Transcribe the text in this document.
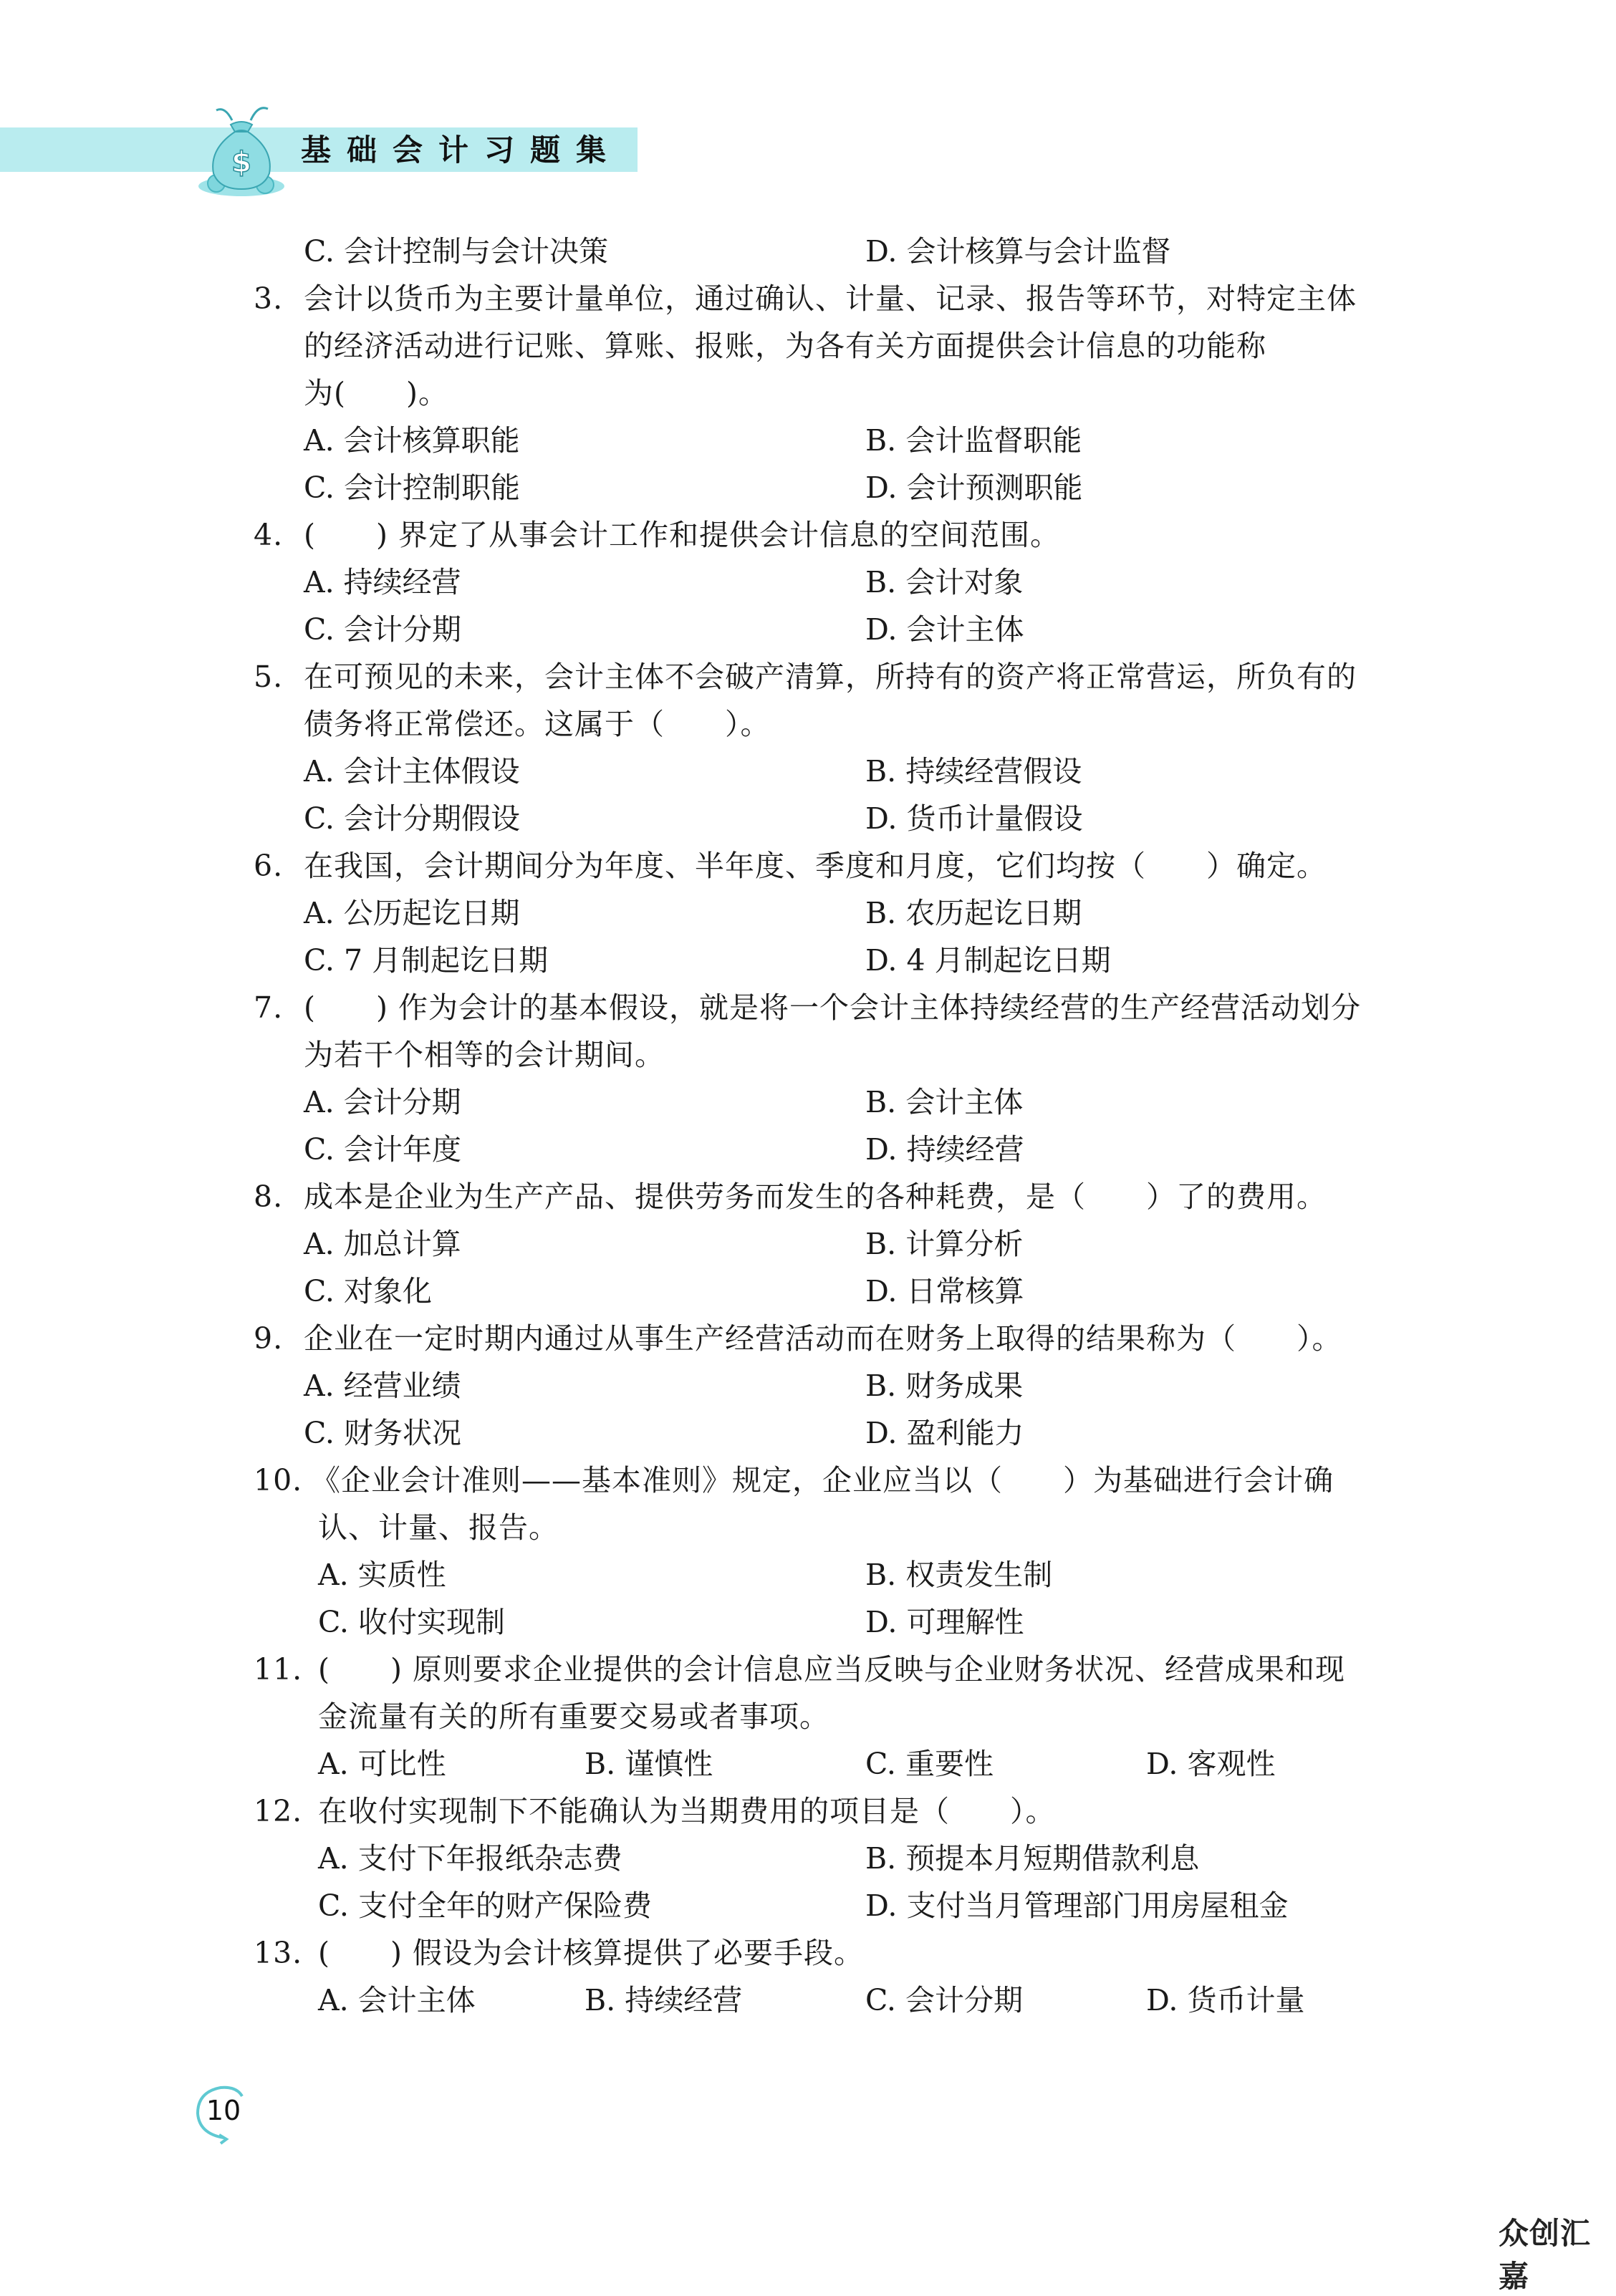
$ 基础会计习题集
C. 会计控制与会计决策	D. 会计核算与会计监督
3. 会计以货币为主要计量单位，通过确认、计量、记录、报告等环节，对特定主体
的经济活动进行记账、算账、报账，为各有关方面提供会计信息的功能称
为(　　)。
A. 会计核算职能	B. 会计监督职能
C. 会计控制职能	D. 会计预测职能
4. (　　) 界定了从事会计工作和提供会计信息的空间范围。
A. 持续经营	B. 会计对象
C. 会计分期	D. 会计主体
5. 在可预见的未来，会计主体不会破产清算，所持有的资产将正常营运，所负有的
债务将正常偿还。这属于（　　）。
A. 会计主体假设	B. 持续经营假设
C. 会计分期假设	D. 货币计量假设
6. 在我国，会计期间分为年度、半年度、季度和月度，它们均按（　　）确定。
A. 公历起讫日期	B. 农历起讫日期
C. 7 月制起讫日期	D. 4 月制起讫日期
7. (　　) 作为会计的基本假设，就是将一个会计主体持续经营的生产经营活动划分
为若干个相等的会计期间。
A. 会计分期	B. 会计主体
C. 会计年度	D. 持续经营
8. 成本是企业为生产产品、提供劳务而发生的各种耗费，是（　　）了的费用。
A. 加总计算	B. 计算分析
C. 对象化	D. 日常核算
9. 企业在一定时期内通过从事生产经营活动而在财务上取得的结果称为（　　）。
A. 经营业绩	B. 财务成果
C. 财务状况	D. 盈利能力
10. 《企业会计准则——基本准则》规定，企业应当以（　　）为基础进行会计确
认、计量、报告。
A. 实质性	B. 权责发生制
C. 收付实现制	D. 可理解性
11. (　　) 原则要求企业提供的会计信息应当反映与企业财务状况、经营成果和现
金流量有关的所有重要交易或者事项。
A. 可比性	B. 谨慎性	C. 重要性	D. 客观性
12. 在收付实现制下不能确认为当期费用的项目是（　　）。
A. 支付下年报纸杂志费	B. 预提本月短期借款利息
C. 支付全年的财产保险费	D. 支付当月管理部门用房屋租金
13. (　　) 假设为会计核算提供了必要手段。
A. 会计主体	B. 持续经营	C. 会计分期	D. 货币计量
10
众创汇嘉
